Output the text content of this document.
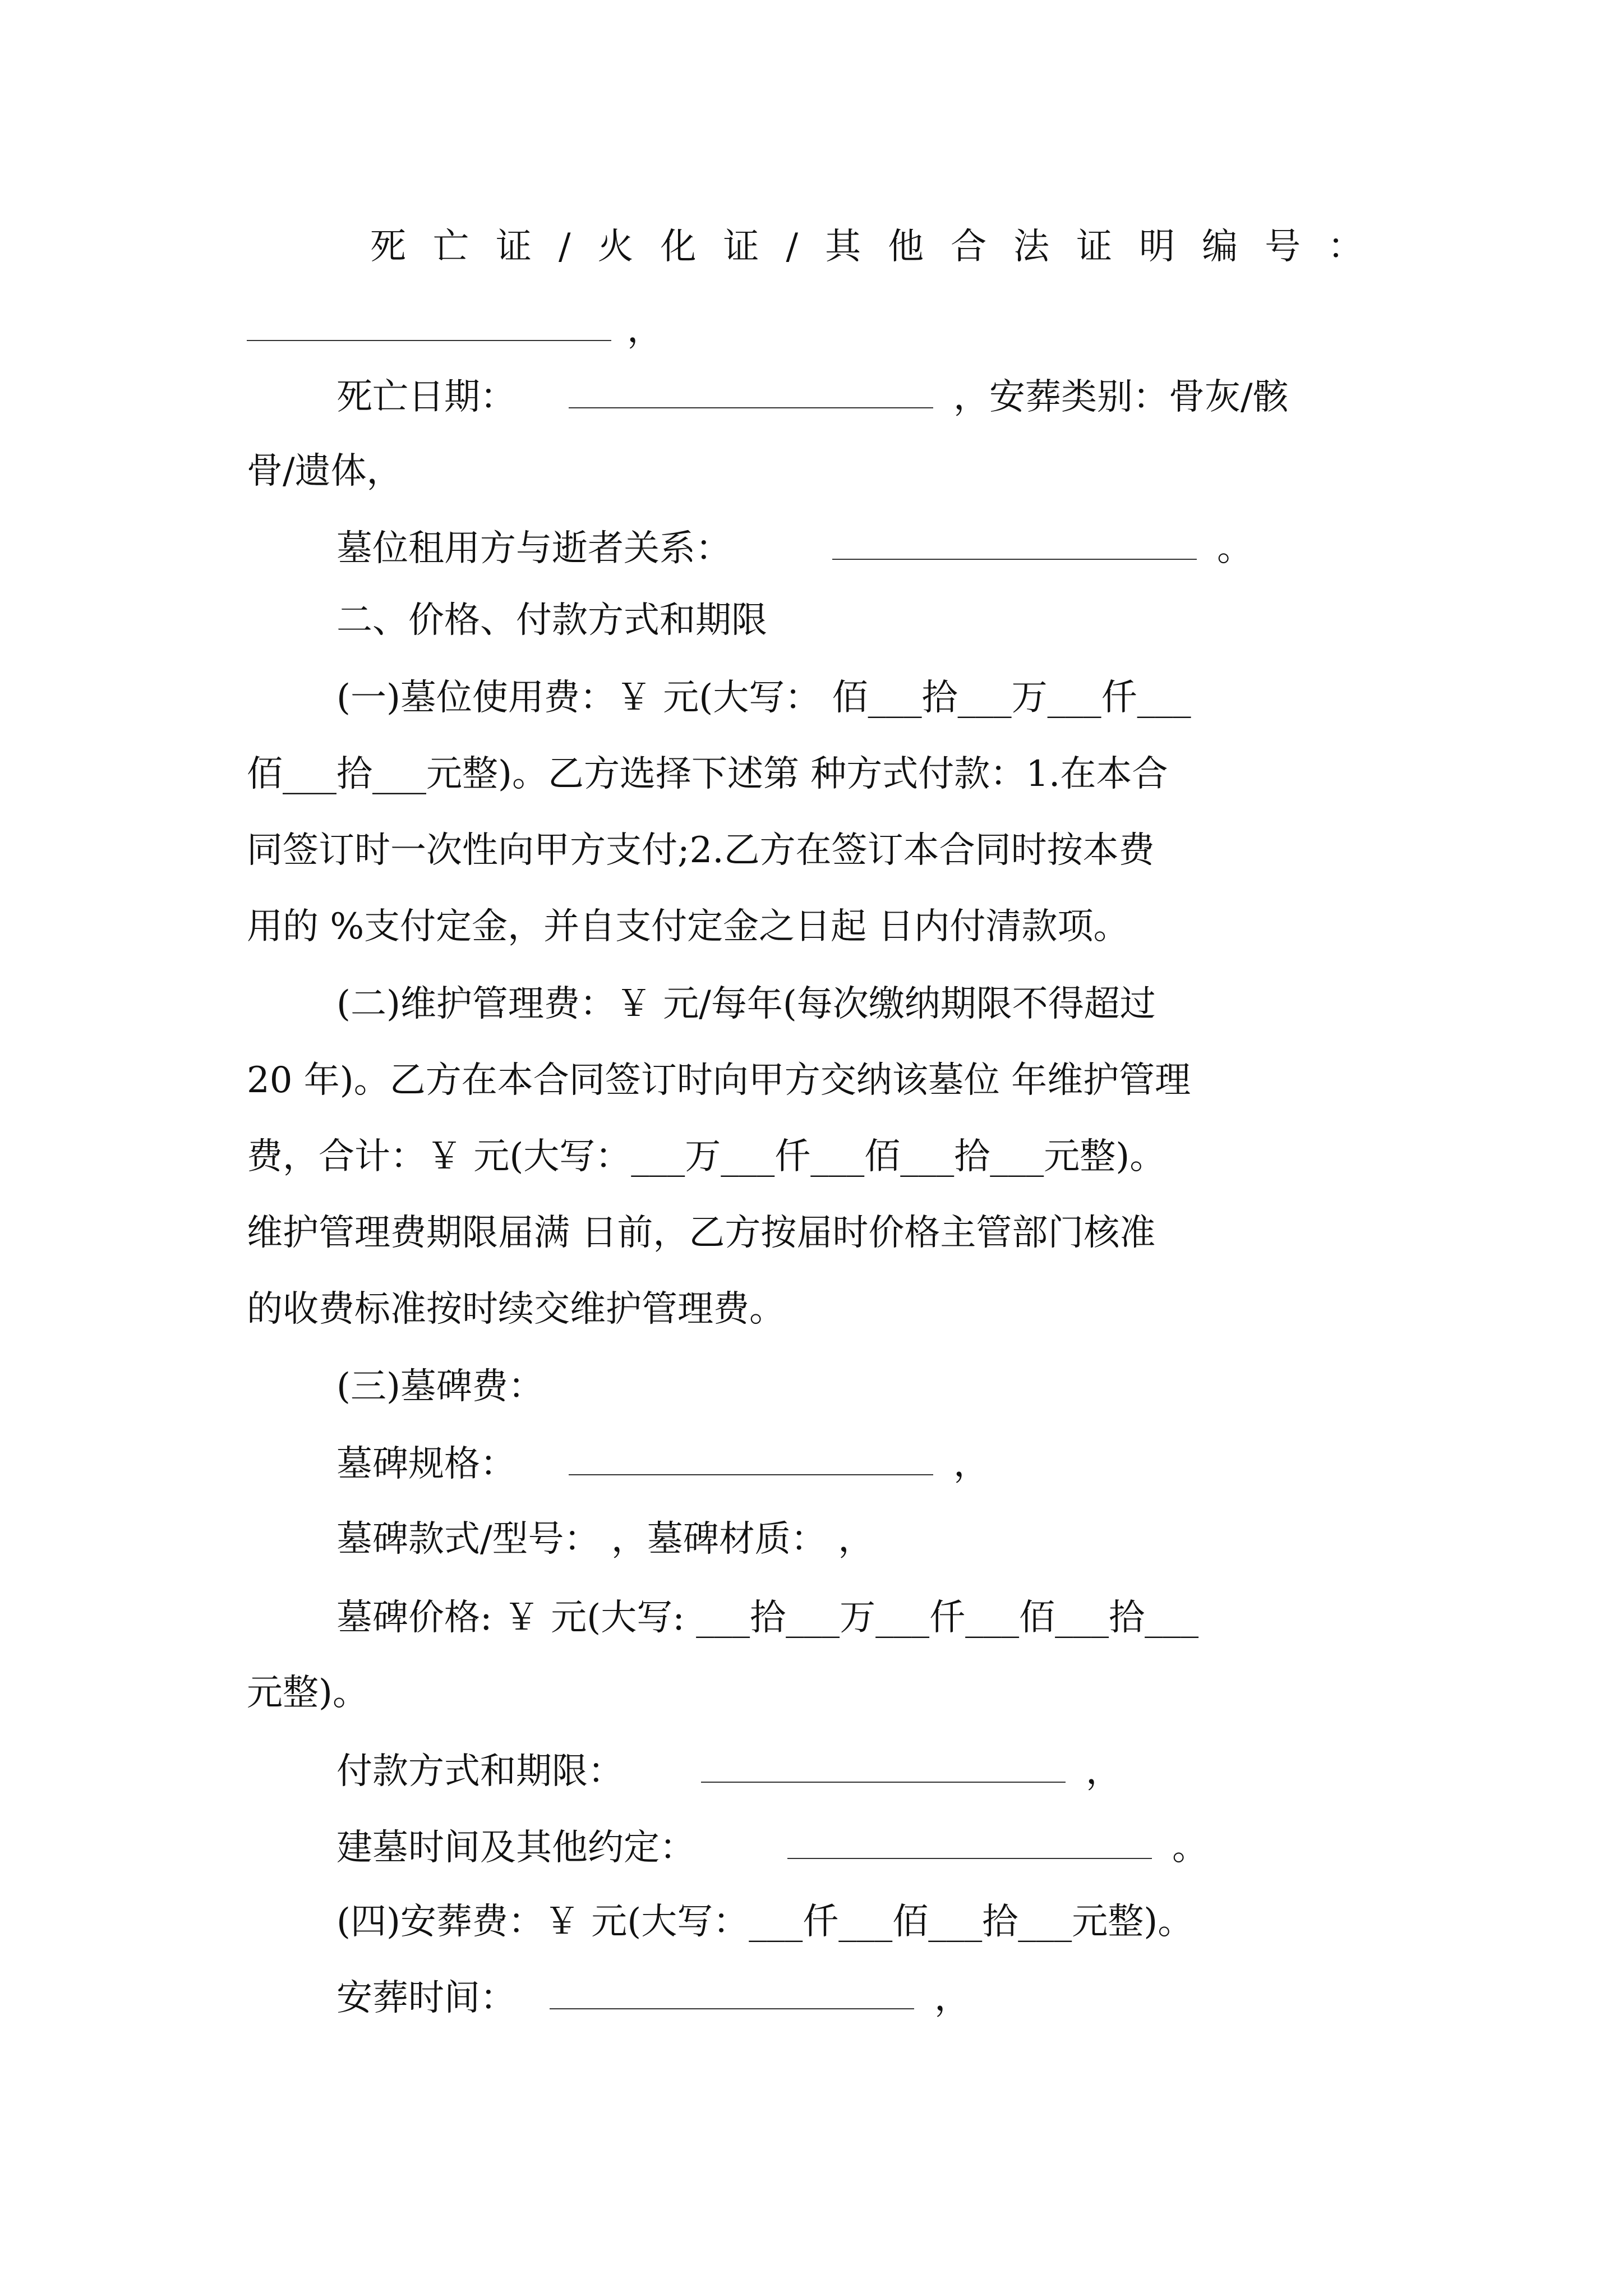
死亡证/火化证/其他合法证明编号：
，
死亡日期：	，安葬类别：骨灰/骸
骨/遗体，
墓位租用方与逝者关系：	。
二、价格、付款方式和期限
(一)墓位使用费：￥ 元(大写： 佰___拾___万___仟___
佰___拾___元整)。乙方选择下述第 种方式付款：1.在本合
同签订时一次性向甲方支付;2.乙方在签订本合同时按本费
用的 %支付定金，并自支付定金之日起 日内付清款项。
(二)维护管理费：￥ 元/每年(每次缴纳期限不得超过
20 年)。乙方在本合同签订时向甲方交纳该墓位 年维护管理
费，合计：￥ 元(大写：___万___仟___佰___拾___元整)。
维护管理费期限届满 日前，乙方按届时价格主管部门核准
的收费标准按时续交维护管理费。
(三)墓碑费：
墓碑规格：	，
墓碑款式/型号： ，墓碑材质： ，
墓碑价格: ￥ 元(大写: ___拾___万___仟___佰___拾___
元整)。
付款方式和期限：	，
建墓时间及其他约定：	。
(四)安葬费：￥ 元(大写：___仟___佰___拾___元整)。
安葬时间：	，
